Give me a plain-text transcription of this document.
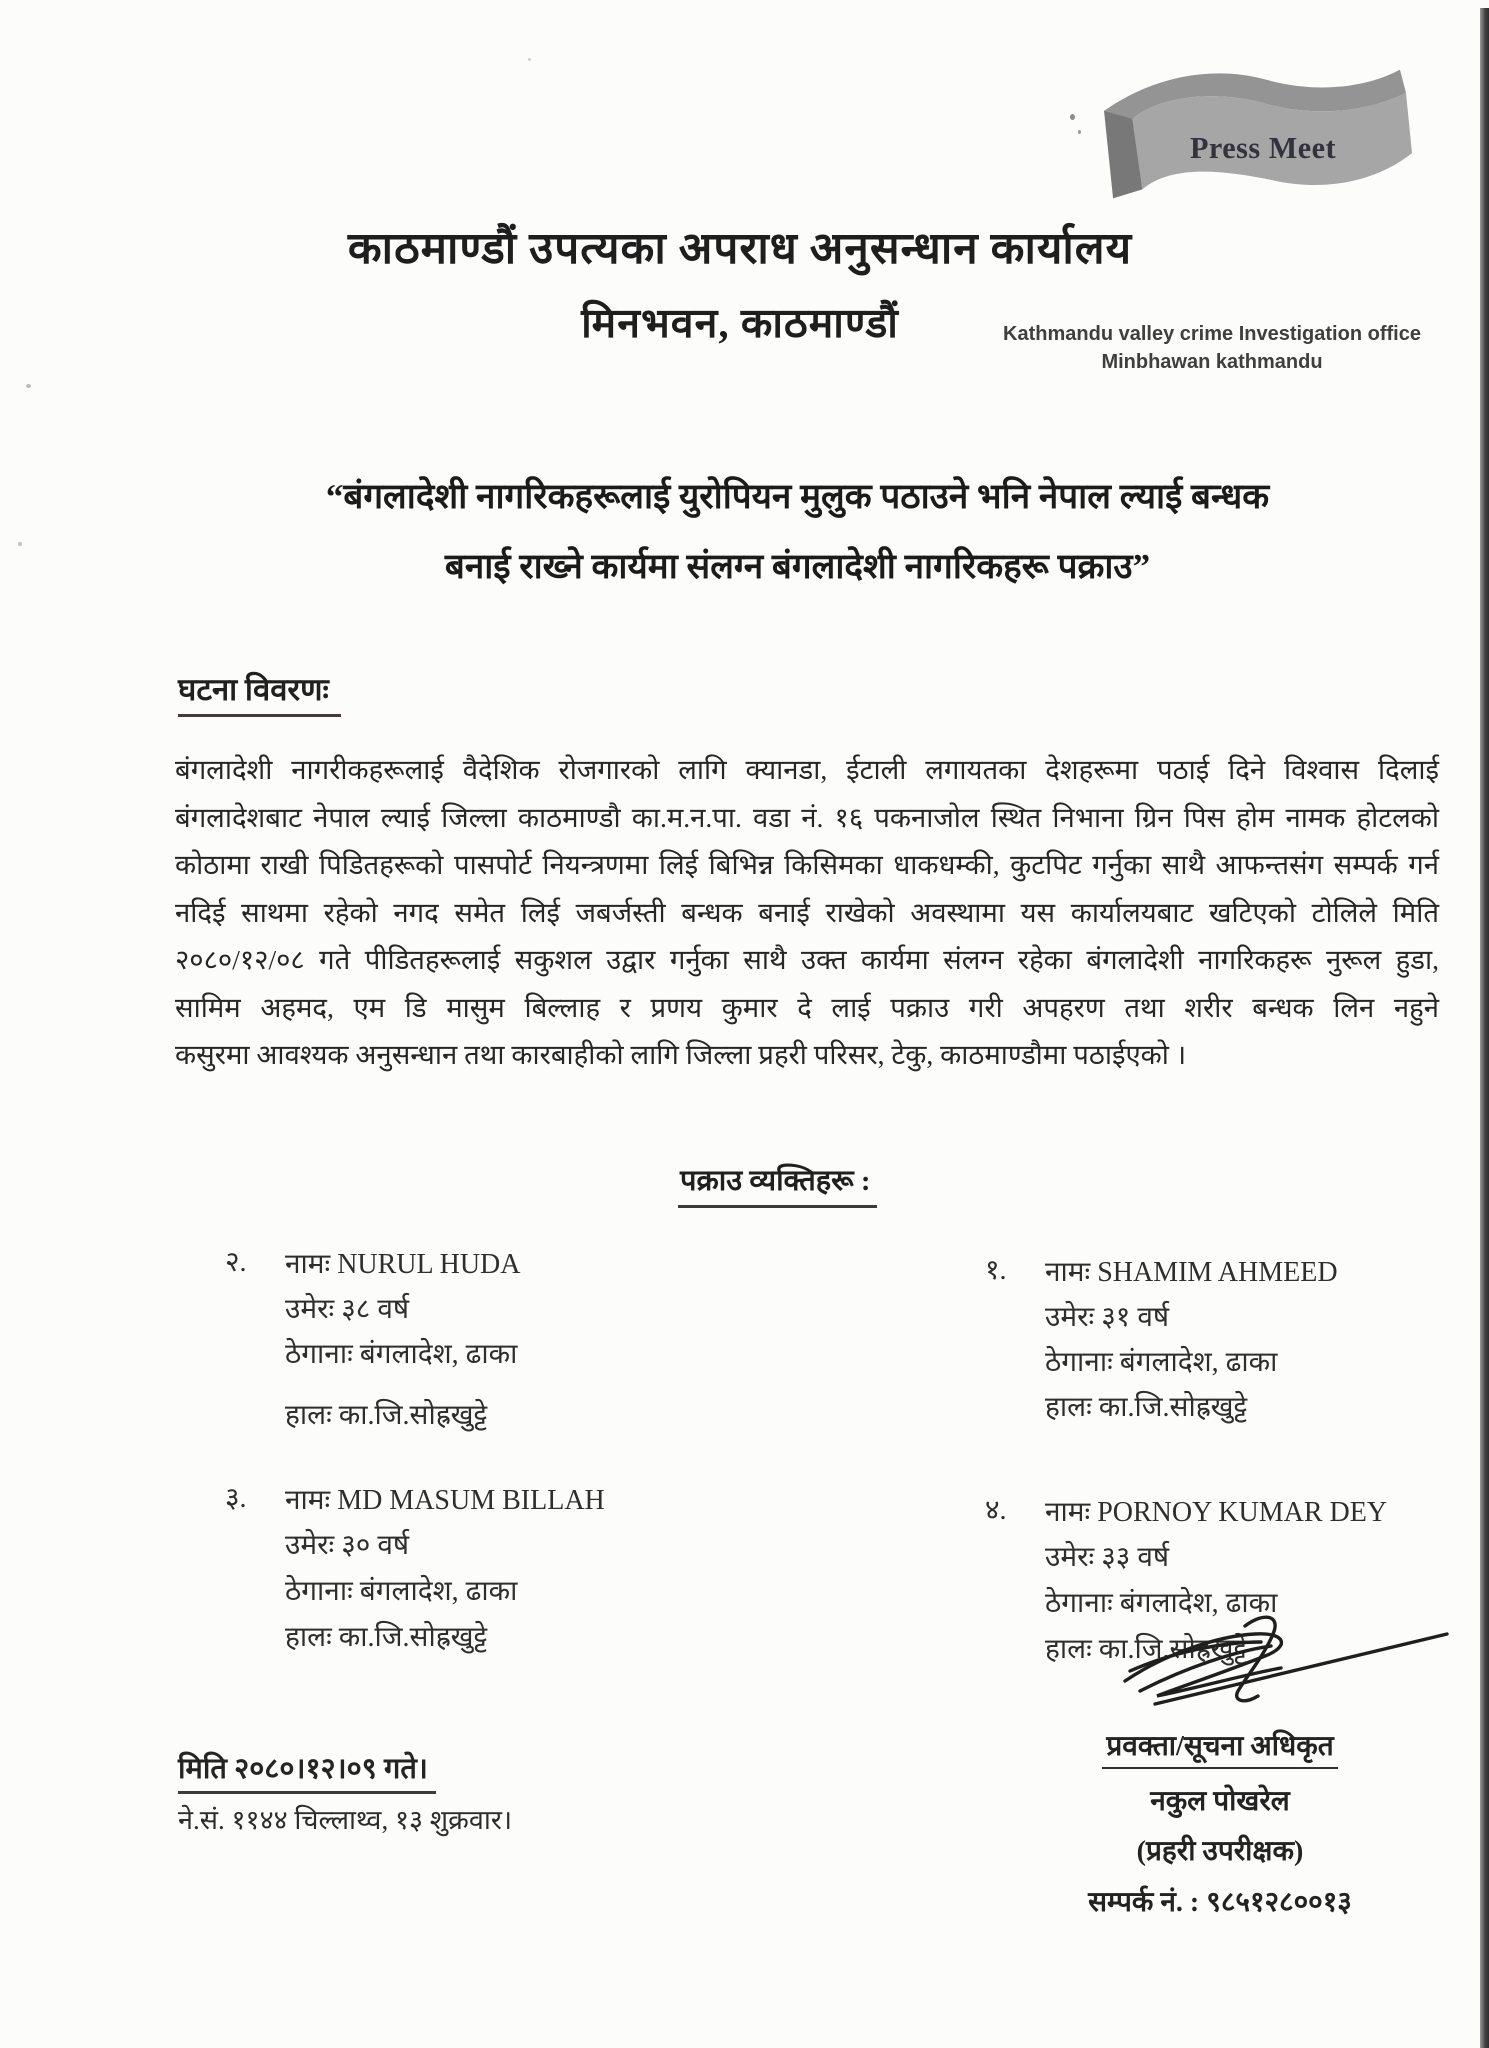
Press Meet
काठमाण्डौं उपत्यका अपराध अनुसन्धान कार्यालय
मिनभवन, काठमाण्डौं	Kathmandu valley crime Investigation office
Minbhawan kathmandu
“बंगलादेशी नागरिकहरूलाई युरोपियन मुलुक पठाउने भनि नेपाल ल्याई बन्धक
बनाई राख्ने कार्यमा संलग्न बंगलादेशी नागरिकहरू पक्राउ”
घटना विवरणः
बंगलादेशी नागरीकहरूलाई वैदेशिक रोजगारको लागि क्यानडा, ईटाली लगायतका देशहरूमा पठाई दिने विश्वास दिलाई
बंगलादेशबाट नेपाल ल्याई जिल्ला काठमाण्डौ का.म.न.पा. वडा नं. १६ पकनाजोल स्थित निभाना ग्रिन पिस होम नामक होटलको
कोठामा राखी पिडितहरूको पासपोर्ट नियन्त्रणमा लिई बिभिन्न किसिमका धाकधम्की, कुटपिट गर्नुका साथै आफन्तसंग सम्पर्क गर्न
नदिई साथमा रहेको नगद समेत लिई जबर्जस्ती बन्धक बनाई राखेको अवस्थामा यस कार्यालयबाट खटिएको टोलिले मिति
२०८०/१२/०८ गते पीडितहरूलाई सकुशल उद्वार गर्नुका साथै उक्त कार्यमा संलग्न रहेका बंगलादेशी नागरिकहरू नुरूल हुडा,
सामिम अहमद, एम डि मासुम बिल्लाह र प्रणय कुमार दे लाई पक्राउ गरी अपहरण तथा शरीर बन्धक लिन नहुने
कसुरमा आवश्यक अनुसन्धान तथा कारबाहीको लागि जिल्ला प्रहरी परिसर, टेकु, काठमाण्डौमा पठाईएको ।
पक्राउ व्यक्तिहरू :
२.	नामः NURUL HUDA
उमेरः ३८ वर्ष
ठेगानाः बंगलादेश, ढाका
हालः का.जि.सोह्रखुट्टे
१.	नामः SHAMIM AHMEED
उमेरः ३१ वर्ष
ठेगानाः बंगलादेश, ढाका
हालः का.जि.सोह्रखुट्टे
३.	नामः MD MASUM BILLAH
उमेरः ३० वर्ष
ठेगानाः बंगलादेश, ढाका
हालः का.जि.सोह्रखुट्टे
४.	नामः PORNOY KUMAR DEY
उमेरः ३३ वर्ष
ठेगानाः बंगलादेश, ढाका
हालः का.जि.सोह्रखुट्टे
मिति २०८०।१२।०९ गते।
ने.सं. ११४४ चिल्लाथ्व, १३ शुक्रवार।
प्रवक्ता/सूचना अधिकृत
नकुल पोखरेल
(प्रहरी उपरीक्षक)
सम्पर्क नं. : ९८५१२८००१३
